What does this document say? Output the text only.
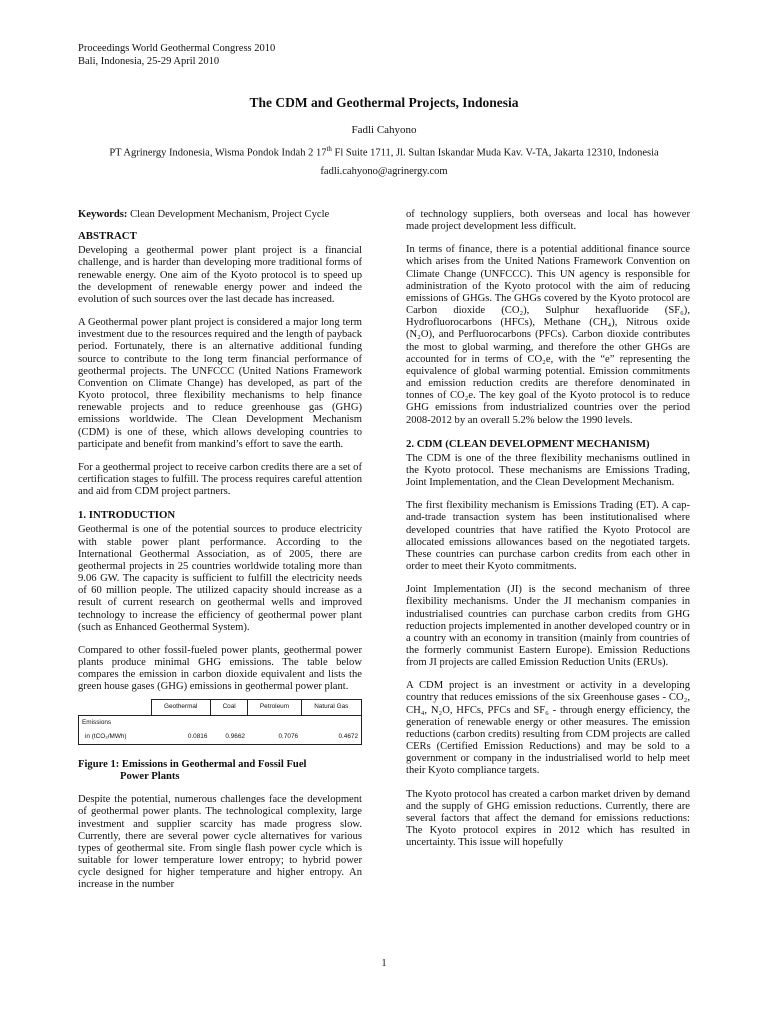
Proceedings World Geothermal Congress 2010
Bali, Indonesia, 25-29 April 2010
The CDM and Geothermal Projects, Indonesia
Fadli Cahyono
PT Agrinergy Indonesia, Wisma Pondok Indah 2 17th Fl Suite 1711, Jl. Sultan Iskandar Muda Kav. V-TA, Jakarta 12310, Indonesia
fadli.cahyono@agrinergy.com

Keywords: Clean Development Mechanism, Project Cycle

ABSTRACT

Developing a geothermal power plant project is a financial challenge, and is harder than developing more traditional forms of renewable energy. One aim of the Kyoto protocol is to speed up the development of renewable energy power and indeed the evolution of such sources over the last decade has increased.

A Geothermal power plant project is considered a major long term investment due to the resources required and the length of payback period. Fortunately, there is an alternative additional funding source to contribute to the long term financial performance of geothermal projects. The UNFCCC (United Nations Framework Convention on Climate Change) has developed, as part of the Kyoto protocol, three flexibility mechanisms to help finance renewable projects and to reduce greenhouse gas (GHG) emissions worldwide. The Clean Development Mechanism (CDM) is one of these, which allows developing countries to participate and benefit from mankind’s effort to save the earth.

For a geothermal project to receive carbon credits there are a set of certification stages to fulfill. The process requires careful attention and aid from CDM project partners.

1. INTRODUCTION

Geothermal is one of the potential sources to produce electricity with stable power plant performance. According to the International Geothermal Association, as of 2005, there are geothermal projects in 25 countries worldwide totaling more than 9.06 GW. The capacity is sufficient to fulfill the electricity needs of 60 million people. The utilized capacity should increase as a result of current research on geothermal wells and improved technology to increase the efficiency of geothermal power plant (such as Enhanced Geothermal System).

Compared to other fossil-fueled power plants, geothermal power plants produce minimal GHG emissions. The table below compares the emission in carbon dioxide equivalent and lists the green house gases (GHG) emissions in geothermal power plant.

	Geothermal	Coal	Petroleum	Natural Gas
Emissions				
in (tCO₂/MWh)	0.0816	0.9662	0.7076	0.4672

Figure 1: Emissions in Geothermal and Fossil Fuel
Power Plants

Despite the potential, numerous challenges face the development of geothermal power plants. The technological complexity, large investment and supplier scarcity has made progress slow. Currently, there are several power cycle alternatives for various types of geothermal site. From single flash power cycle which is suitable for lower temperature lower entropy; to hybrid power cycle designed for higher temperature and higher entropy. An increase in the number

of technology suppliers, both overseas and local has however made project development less difficult.

In terms of finance, there is a potential additional finance source which arises from the United Nations Framework Convention on Climate Change (UNFCCC). This UN agency is responsible for administration of the Kyoto protocol with the aim of reducing emissions of GHGs. The GHGs covered by the Kyoto protocol are Carbon dioxide (CO₂), Sulphur hexafluoride (SF₆), Hydrofluorocarbons (HFCs), Methane (CH₄), Nitrous oxide (N₂O), and Perfluorocarbons (PFCs). Carbon dioxide contributes the most to global warming, and therefore the other GHGs are accounted for in terms of CO₂e, with the “e” representing the equivalence of global warming potential. Emission commitments and emission reduction credits are therefore denominated in tonnes of CO₂e. The key goal of the Kyoto protocol is to reduce GHG emissions from industrialized countries over the period 2008-2012 by an overall 5.2% below the 1990 levels.

2. CDM (CLEAN DEVELOPMENT MECHANISM)

The CDM is one of the three flexibility mechanisms outlined in the Kyoto protocol. These mechanisms are Emissions Trading, Joint Implementation, and the Clean Development Mechanism.

The first flexibility mechanism is Emissions Trading (ET). A cap-and-trade transaction system has been institutionalised where developed countries that have ratified the Kyoto Protocol are allocated emissions allowances based on the negotiated targets. These countries can purchase carbon credits from each other in order to meet their Kyoto commitments.

Joint Implementation (JI) is the second mechanism of three flexibility mechanisms. Under the JI mechanism companies in industrialised countries can purchase carbon credits from GHG reduction projects implemented in another developed country or in a country with an economy in transition (mainly from countries of the formerly communist Eastern Europe). Emission Reductions from JI projects are called Emission Reduction Units (ERUs).

A CDM project is an investment or activity in a developing country that reduces emissions of the six Greenhouse gases - CO₂, CH₄, N₂O, HFCs, PFCs and SF₆ - through energy efficiency, the generation of renewable energy or other measures. The emission reductions (carbon credits) resulting from CDM projects are called CERs (Certified Emission Reductions) and may be sold to a government or company in the industrialised world to help meet their Kyoto compliance targets.

The Kyoto protocol has created a carbon market driven by demand and the supply of GHG emission reductions. Currently, there are several factors that affect the demand for emissions reductions: The Kyoto protocol expires in 2012 which has resulted in uncertainty. This issue will hopefully

1
